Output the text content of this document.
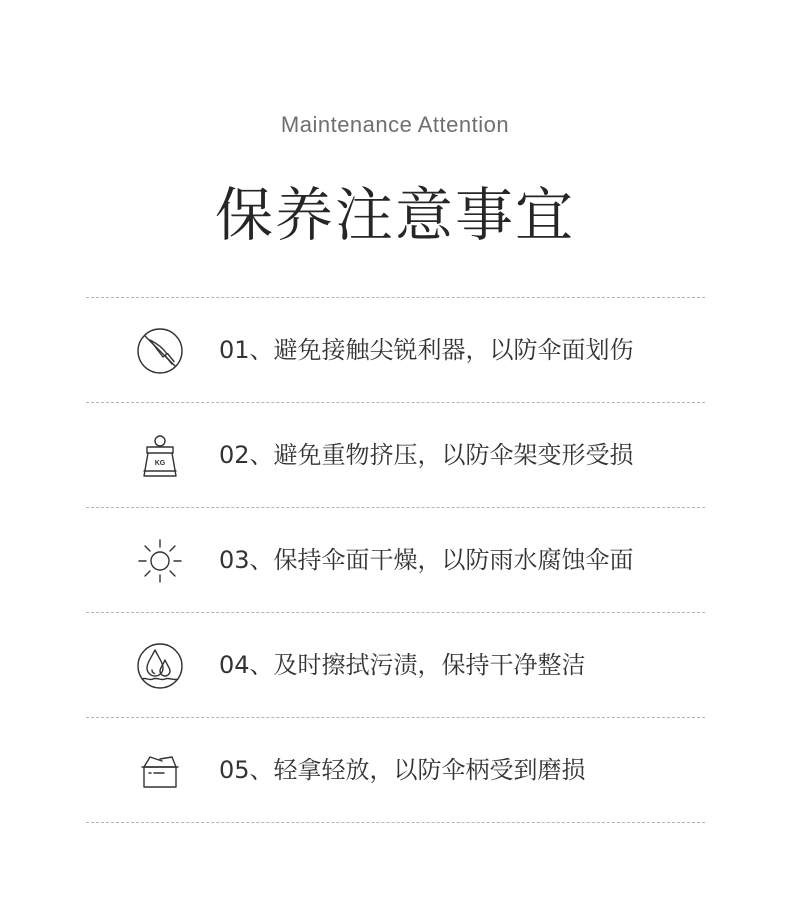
Maintenance Attention
保养注意事宜
01、避免接触尖锐利器，以防伞面划伤
KG 02、避免重物挤压，以防伞架变形受损
03、保持伞面干燥，以防雨水腐蚀伞面
04、及时擦拭污渍，保持干净整洁
05、轻拿轻放，以防伞柄受到磨损
